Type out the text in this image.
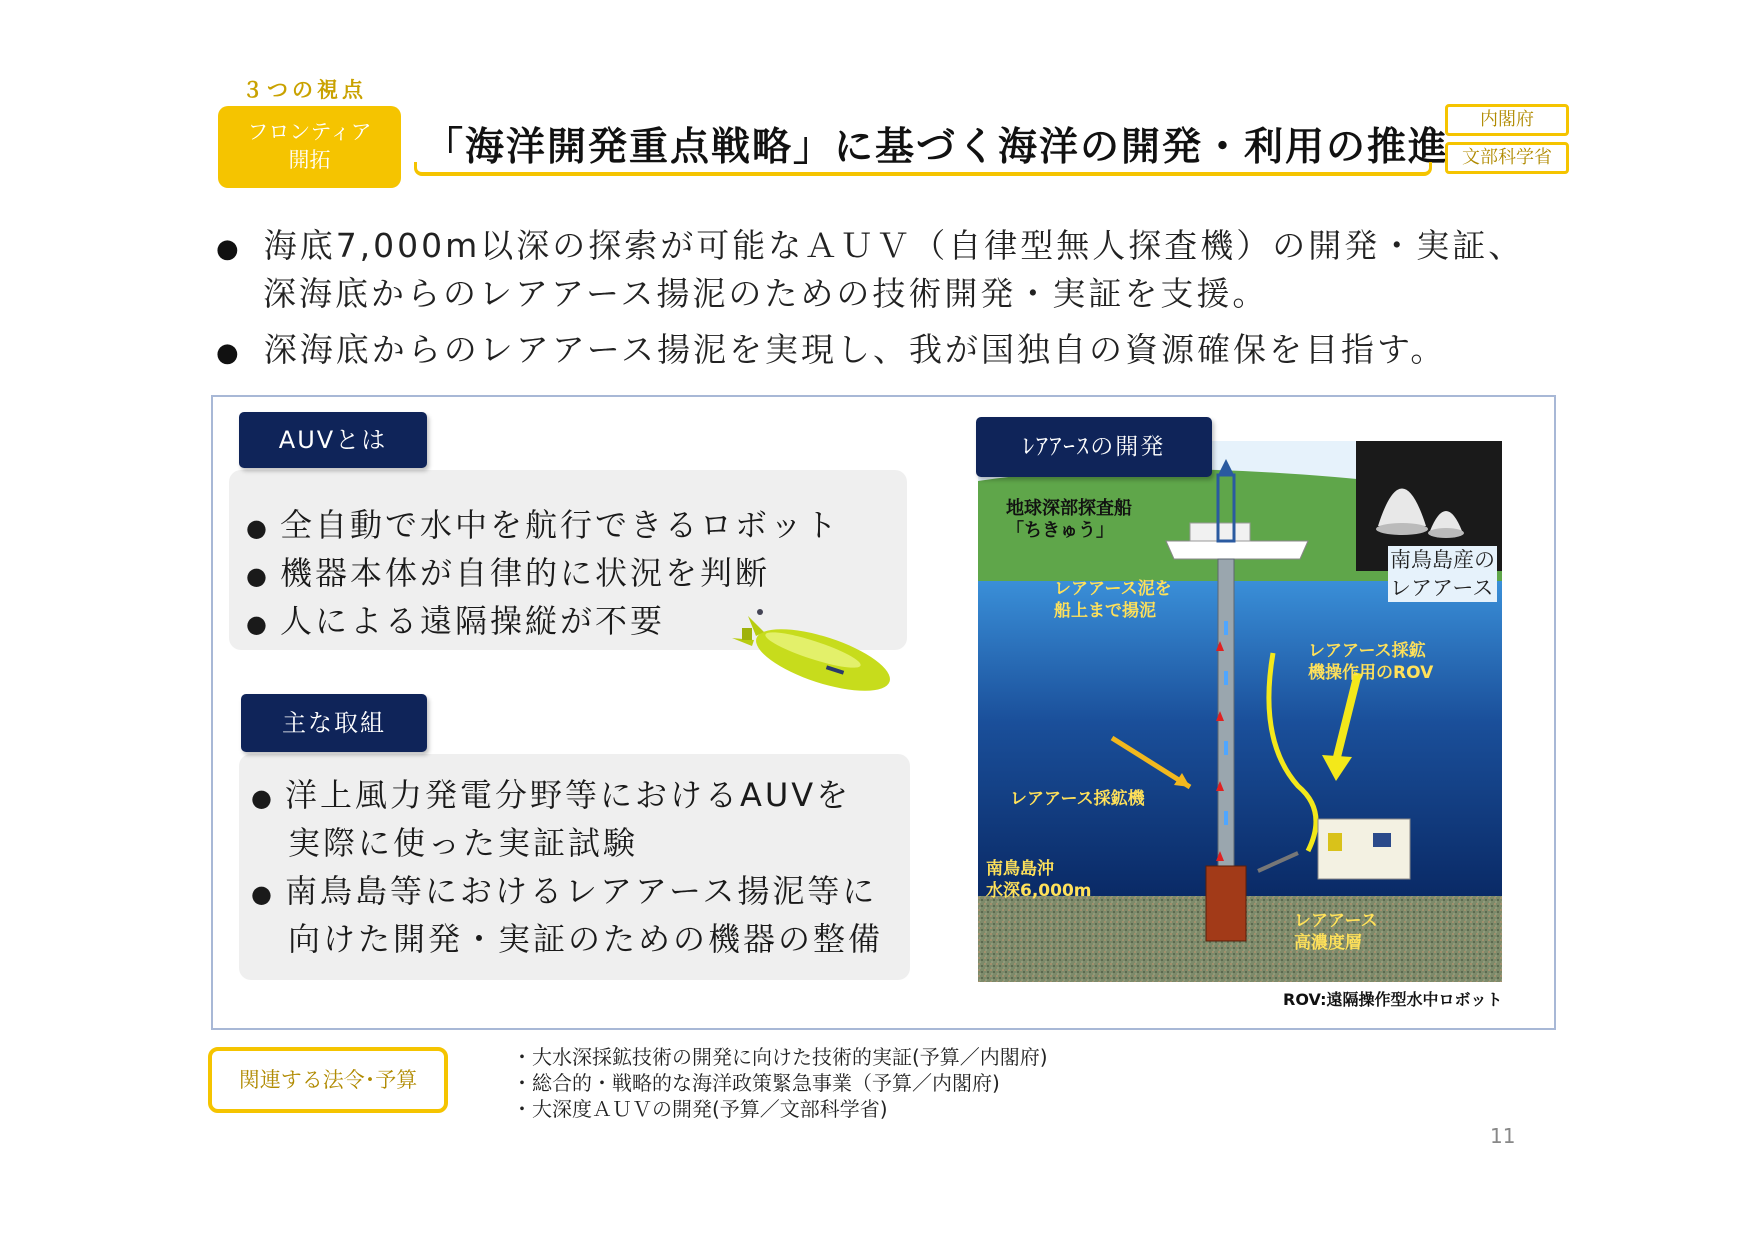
３つの視点
フロンティア
開拓	「海洋開発重点戦略」に基づく海洋の開発・利用の推進
内閣府
文部科学省
● 海底7,000m以深の探索が可能なＡＵＶ（自律型無人探査機）の開発・実証、
深海底からのレアアース揚泥のための技術開発・実証を支援。
● 深海底からのレアアース揚泥を実現し、我が国独自の資源確保を目指す。
AUVとは
● 全自動で水中を航行できるロボット
● 機器本体が自律的に状況を判断
● 人による遠隔操縦が不要
主な取組
● 洋上風力発電分野等におけるAUVを
実際に使った実証試験
● 南鳥島等におけるレアアース揚泥等に
向けた開発・実証のための機器の整備
ﾚｱｱｰｽの開発
地球深部探査船
「ちきゅう」
レアアース泥を
船上まで揚泥
レアアース採鉱
機操作用のROV
レアアース採鉱機
南鳥島沖
水深6,000m
レアアース
高濃度層
南鳥島産の
レアアース
ROV:遠隔操作型水中ロボット
関連する法令･予算
・大水深採鉱技術の開発に向けた技術的実証(予算／内閣府)
・総合的・戦略的な海洋政策緊急事業（予算／内閣府)
・大深度ＡＵＶの開発(予算／文部科学省)
11
